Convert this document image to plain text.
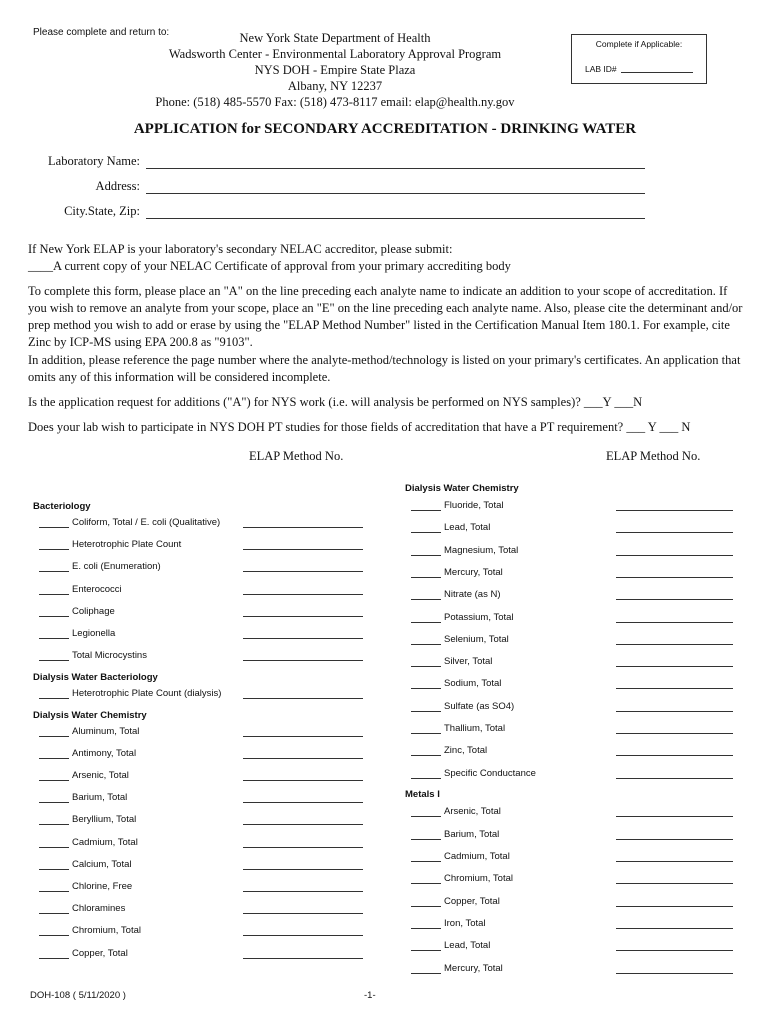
Please complete and return to:	New York State Department of Health
Wadsworth Center - Environmental Laboratory Approval Program
NYS DOH - Empire State Plaza
Albany, NY 12237
Phone: (518) 485-5570 Fax: (518) 473-8117 email: elap@health.ny.gov
Complete if Applicable:
LAB ID#
APPLICATION for SECONDARY ACCREDITATION - DRINKING WATER
Laboratory Name:
Address:
City.State, Zip:
If New York ELAP is your laboratory's secondary NELAC accreditor, please submit:
____A current copy of your NELAC Certificate of approval from your primary accrediting body
To complete this form, please place an "A" on the line preceding each analyte name to indicate an addition to your scope of accreditation. If you wish to remove an analyte from your scope, place an "E" on the line preceding each analyte name. Also, please cite the determinant and/or prep method you wish to add or erase by using the "ELAP Method Number" listed in the Certification Manual Item 180.1. For example, cite Zinc by ICP-MS using EPA 200.8 as "9103".
In addition, please reference the page number where the analyte-method/technology is listed on your primary's certificates. An application that omits any of this information will be considered incomplete.
Is the application request for additions ("A") for NYS work (i.e. will analysis be performed on NYS samples)? ___Y ___N
Does your lab wish to participate in NYS DOH PT studies for those fields of accreditation that have a PT requirement? ___ Y ___ N
ELAP Method No.	ELAP Method No.
Bacteriology
Coliform, Total / E. coli (Qualitative)
Heterotrophic Plate Count
E. coli (Enumeration)
Enterococci
Coliphage
Legionella
Total Microcystins
Dialysis Water Bacteriology
Heterotrophic Plate Count (dialysis)
Dialysis Water Chemistry
Aluminum, Total
Antimony, Total
Arsenic, Total
Barium, Total
Beryllium, Total
Cadmium, Total
Calcium, Total
Chlorine, Free
Chloramines
Chromium, Total
Copper, Total
Dialysis Water Chemistry
Fluoride, Total
Lead, Total
Magnesium, Total
Mercury, Total
Nitrate (as N)
Potassium, Total
Selenium, Total
Silver, Total
Sodium, Total
Sulfate (as SO4)
Thallium, Total
Zinc, Total
Specific Conductance
Metals I
Arsenic, Total
Barium, Total
Cadmium, Total
Chromium, Total
Copper, Total
Iron, Total
Lead, Total
Mercury, Total
DOH-108 ( 5/11/2020 )	-1-
